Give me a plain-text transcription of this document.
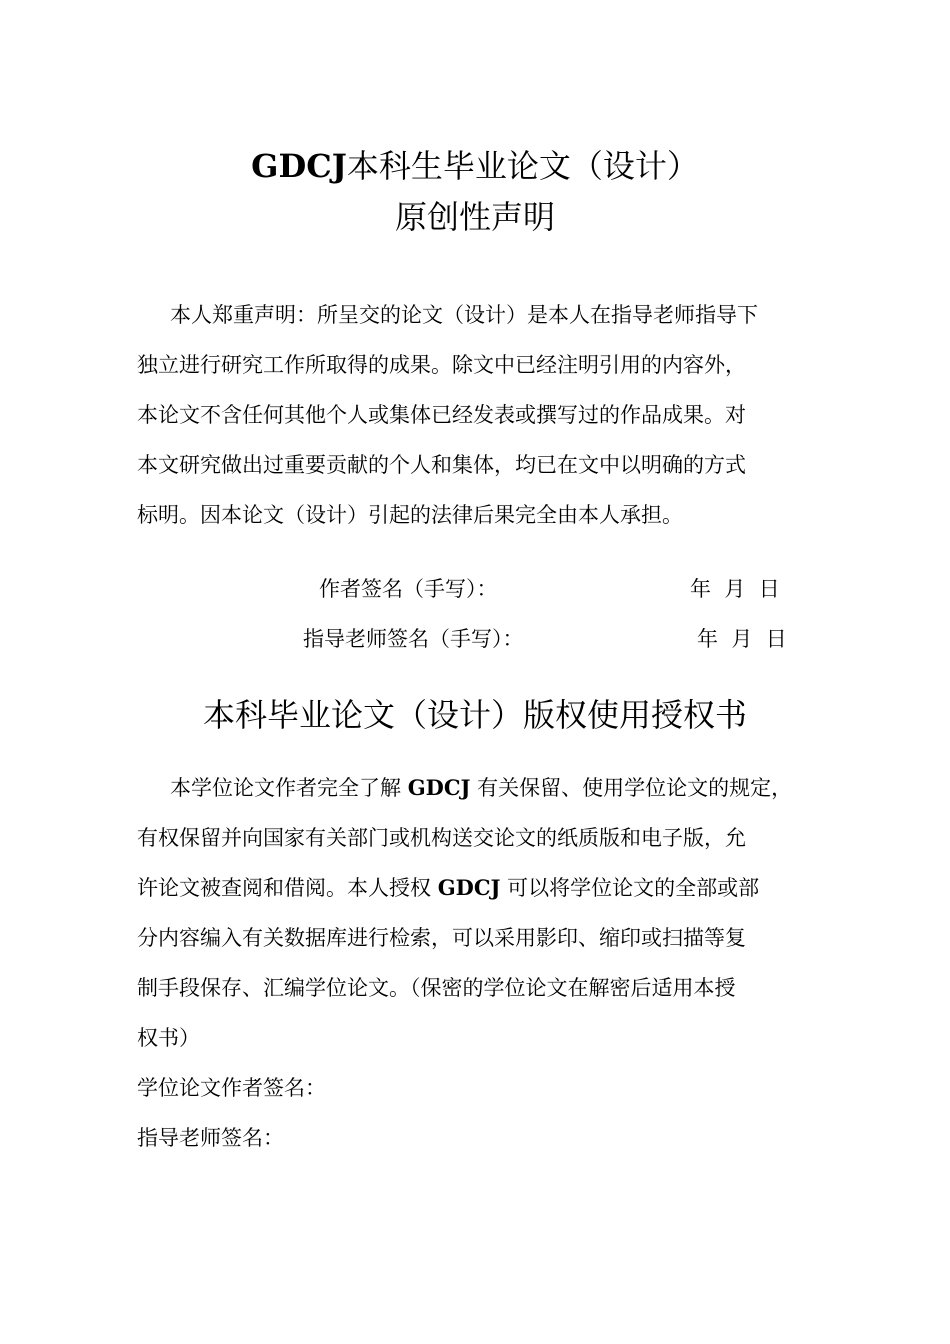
GDCJ本科生毕业论文（设计）
原创性声明
本人郑重声明：所呈交的论文（设计）是本人在指导老师指导下
独立进行研究工作所取得的成果。除文中已经注明引用的内容外，
本论文不含任何其他个人或集体已经发表或撰写过的作品成果。对
本文研究做出过重要贡献的个人和集体，均已在文中以明确的方式
标明。因本论文（设计）引起的法律后果完全由本人承担。
作者签名（手写）：	年  月  日
指导老师签名（手写）：	年  月  日
本科毕业论文（设计）版权使用授权书
本学位论文作者完全了解 GDCJ 有关保留、使用学位论文的规定，
有权保留并向国家有关部门或机构送交论文的纸质版和电子版，允
许论文被查阅和借阅。本人授权 GDCJ 可以将学位论文的全部或部
分内容编入有关数据库进行检索，可以采用影印、缩印或扫描等复
制手段保存、汇编学位论文。（保密的学位论文在解密后适用本授
权书）
学位论文作者签名：
指导老师签名：
